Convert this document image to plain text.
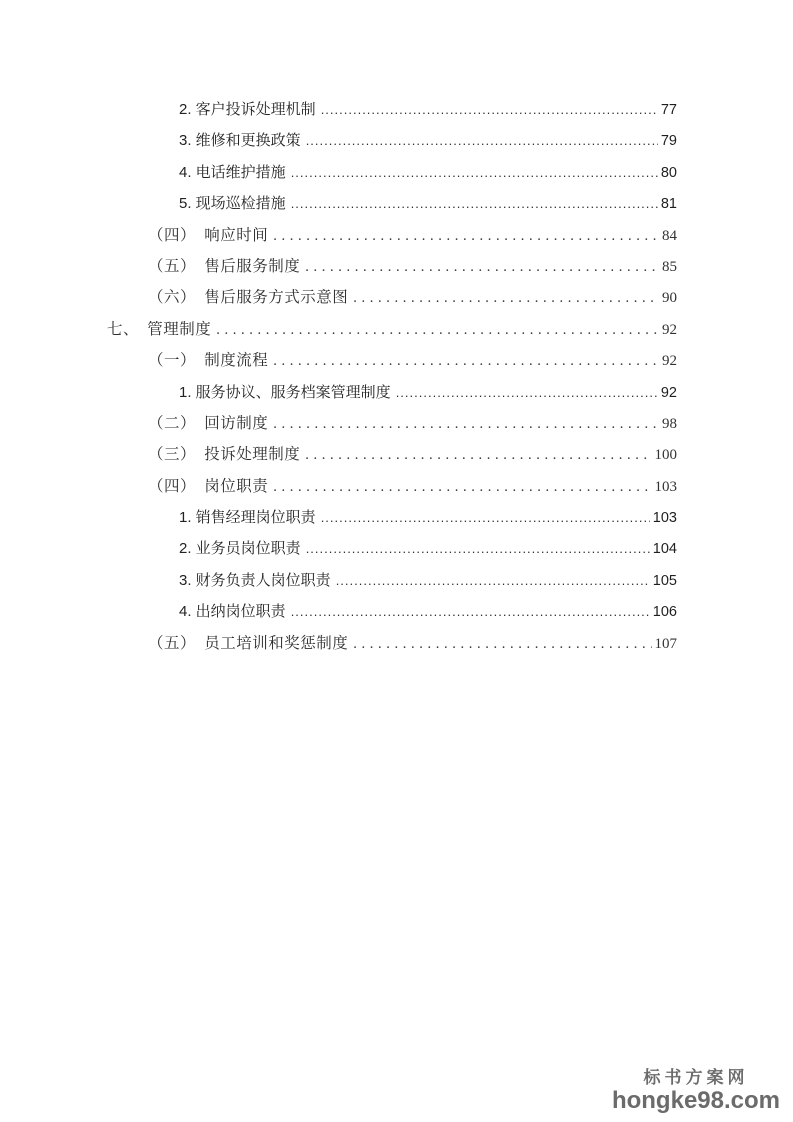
2. 客户投诉处理机制 .....	77
3. 维修和更换政策 .....	79
4. 电话维护措施 .....	80
5. 现场巡检措施 .....	81
（四）　响应时间 . . .	84
（五）　售后服务制度 . . .	85
（六）　售后服务方式示意图 . . .	90
七、　管理制度 . . .	92
（一）　制度流程 . . .	92
1. 服务协议、服务档案管理制度 .....	92
（二）　回访制度 . . .	98
（三）　投诉处理制度 . . .	100
（四）　岗位职责 . . .	103
1. 销售经理岗位职责 .....	103
2. 业务员岗位职责 .....	104
3. 财务负责人岗位职责 .....	105
4. 出纳岗位职责 .....	106
（五）　员工培训和奖惩制度 . . .	107
标书方案网
hongke98.com
